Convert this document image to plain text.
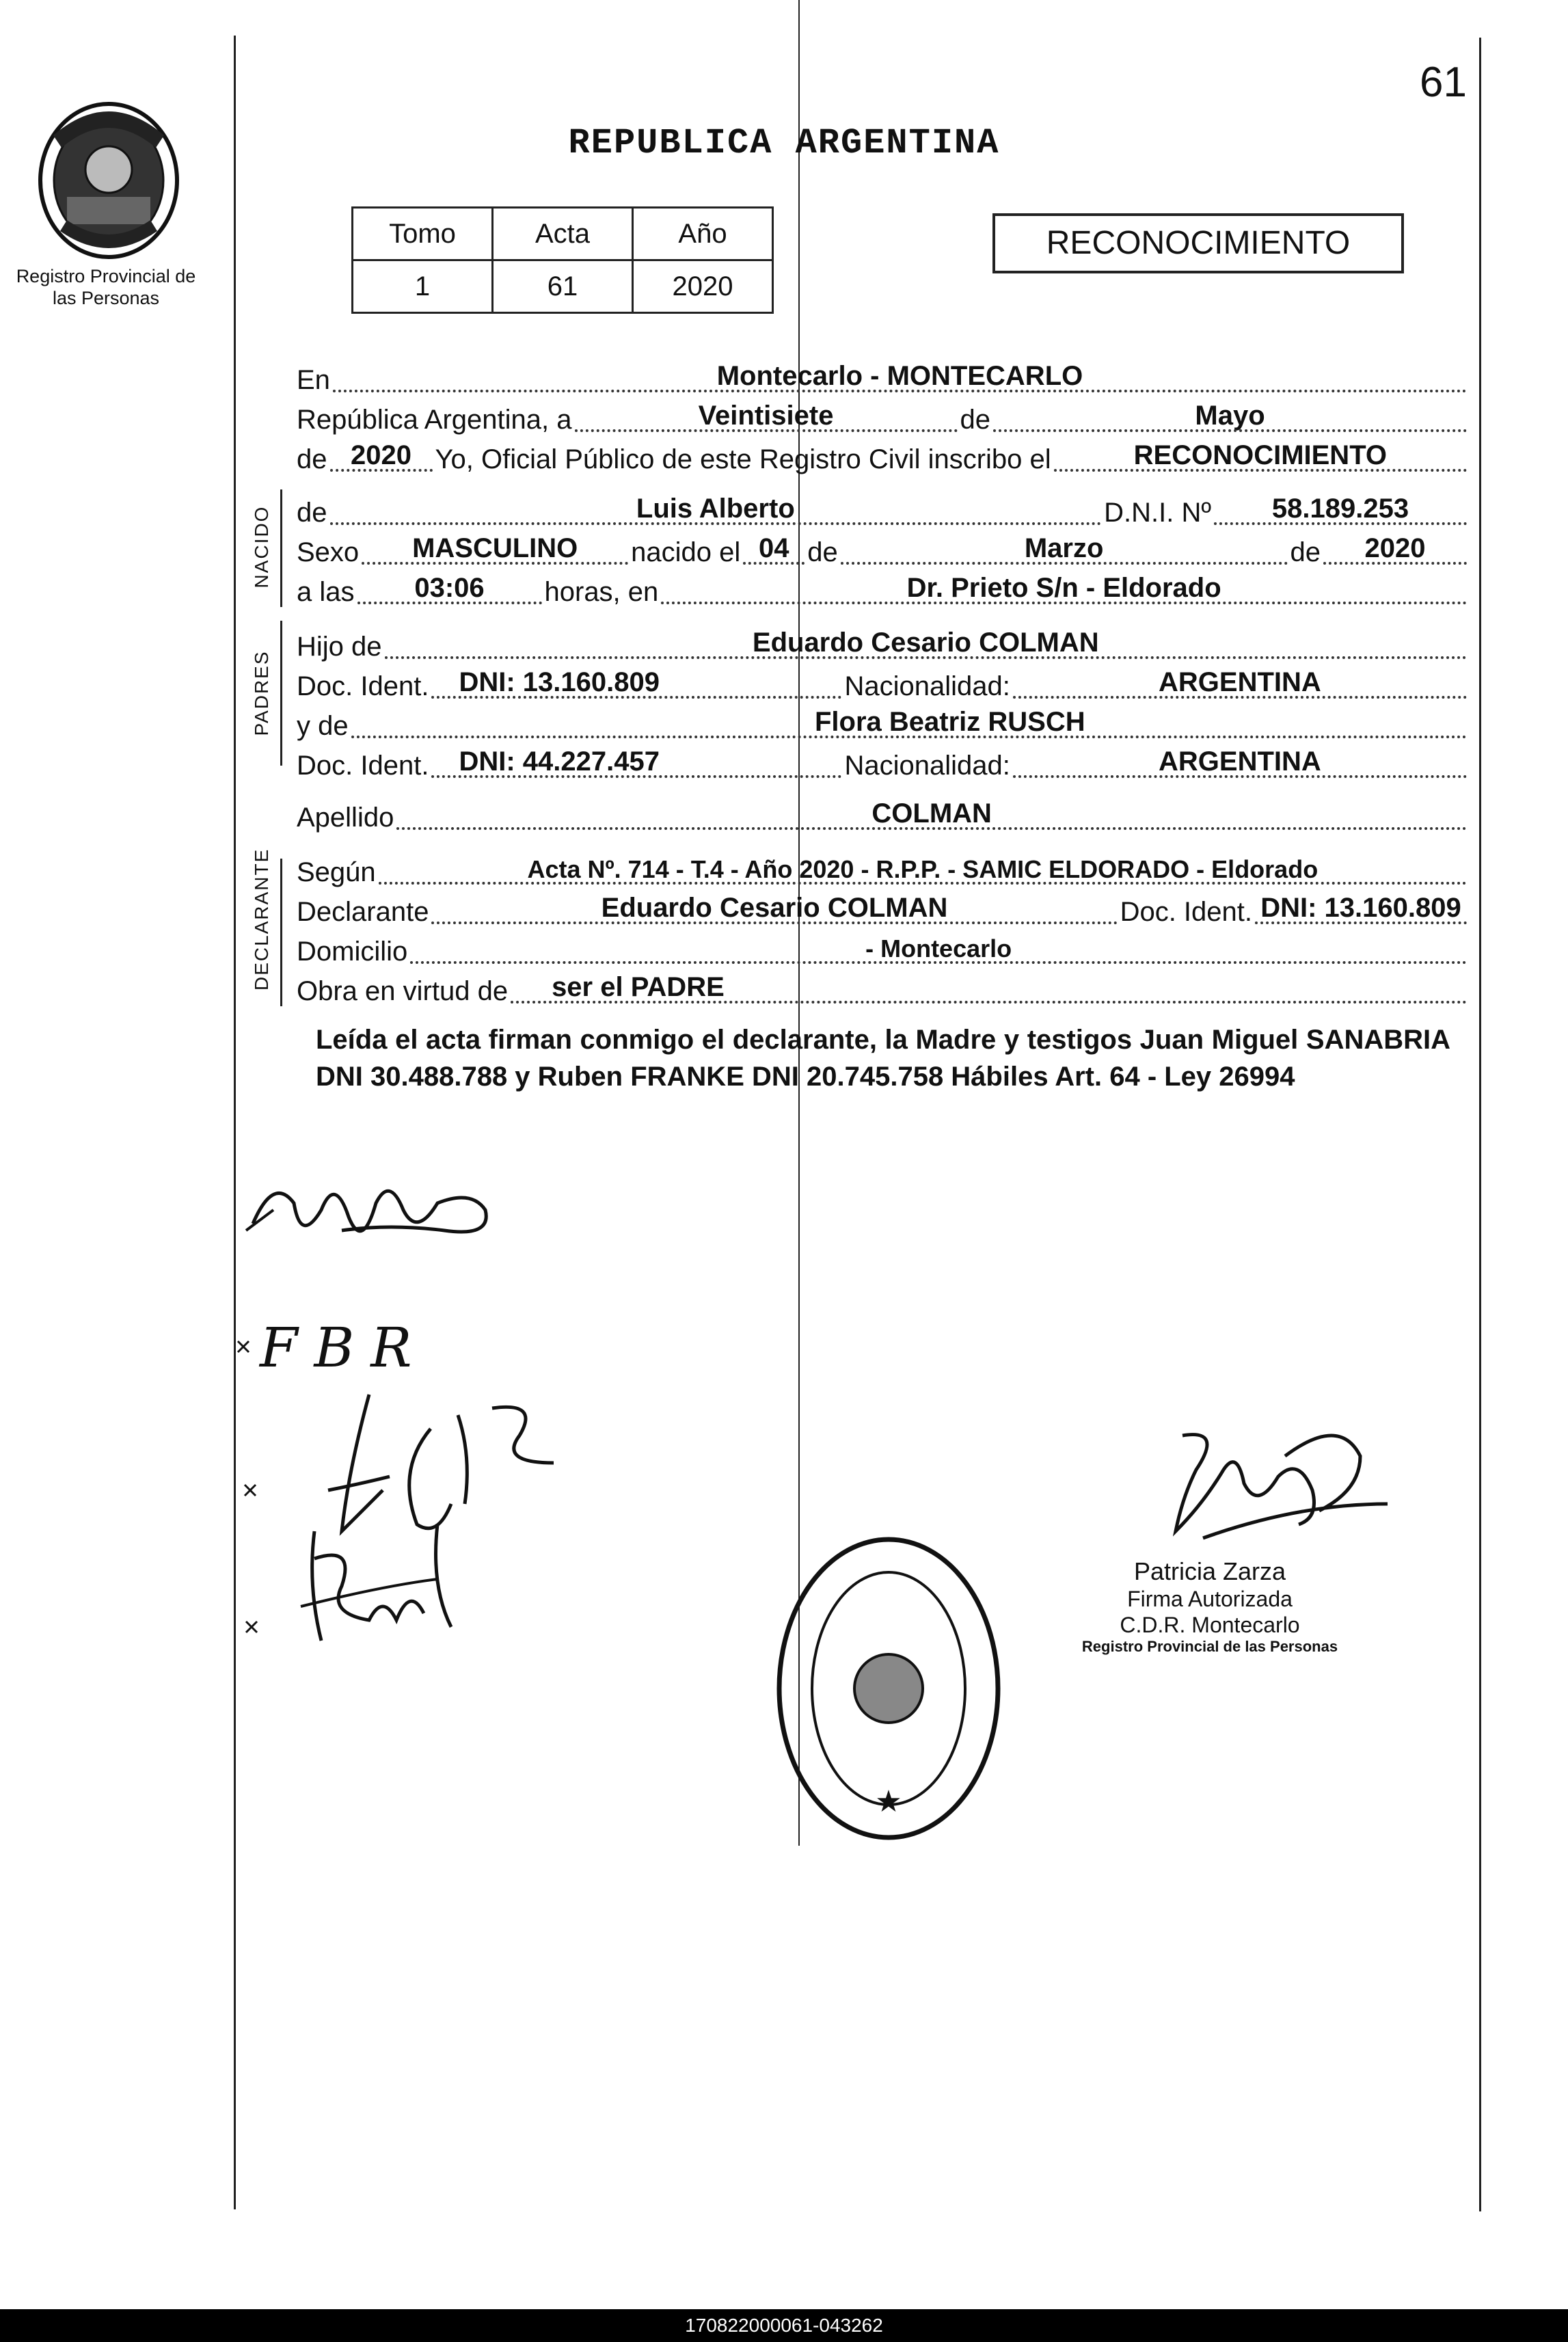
Registro Provincial de las Personas
61
REPUBLICA ARGENTINA
Tomo	Acta	Año
1	61	2020
RECONOCIMIENTO
En	Montecarlo - MONTECARLO
República Argentina, a	Veintisiete	de	Mayo
de 2020 Yo, Oficial Público de este Registro Civil inscribo el	RECONOCIMIENTO
NACIDO de	Luis Alberto	D.N.I. Nº	58.189.253
Sexo	MASCULINO	nacido el 04 de	Marzo	de	2020
a las	03:06	horas, en	Dr. Prieto S/n - Eldorado
PADRES
Hijo de	Eduardo Cesario COLMAN
Doc. Ident. DNI: 13.160.809	Nacionalidad:	ARGENTINA
y de	Flora Beatriz RUSCH
Doc. Ident. DNI: 44.227.457	Nacionalidad:	ARGENTINA
Apellido	COLMAN
DECLARANTE Según	Acta Nº. 714 - T.4 - Año 2020 - R.P.P. - SAMIC ELDORADO - Eldorado
Declarante	Eduardo Cesario COLMAN	Doc. Ident. DNI: 13.160.809
Domicilio	- Montecarlo
Obra en virtud de ser el PADRE
Leída el acta firman conmigo el declarante, la Madre y testigos Juan Miguel SANABRIA DNI 30.488.788 y Ruben FRANKE DNI 20.745.758 Hábiles Art. 64 - Ley 26994
FBR
★
Patricia Zarza
Firma Autorizada
C.D.R. Montecarlo
Registro Provincial de las Personas
170822000061-043262
